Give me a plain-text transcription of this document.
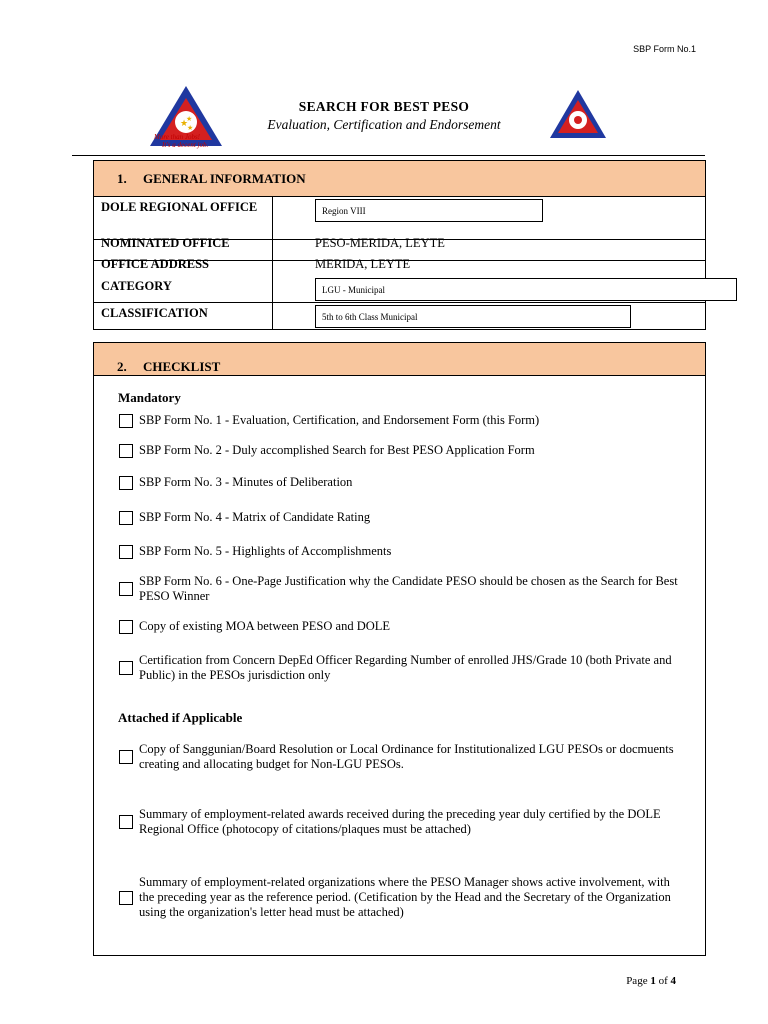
SBP Form No.1
★
★
★
More than Jobs!
It's a decent job.
SEARCH FOR BEST PESO
Evaluation, Certification and Endorsement
1.     GENERAL INFORMATION
DOLE REGIONAL OFFICE	Region VIII
NOMINATED OFFICE	PESO-MERIDA, LEYTE
OFFICE ADDRESS	MERIDA, LEYTE
CATEGORY	LGU - Municipal
CLASSIFICATION	5th to 6th Class Municipal
2.     CHECKLIST
Mandatory
SBP Form No. 1 - Evaluation, Certification, and Endorsement Form (this Form)
SBP Form No. 2 - Duly accomplished Search for Best PESO Application Form
SBP Form No. 3 - Minutes of Deliberation
SBP Form No. 4 - Matrix of Candidate Rating
SBP Form No. 5 - Highlights of Accomplishments
SBP Form No. 6 - One-Page Justification why the Candidate PESO should be chosen as the Search for Best PESO Winner
Copy of existing MOA between PESO and DOLE
Certification from Concern DepEd Officer Regarding Number of enrolled JHS/Grade 10 (both Private and Public) in the PESOs jurisdiction only
Attached if Applicable
Copy of Sanggunian/Board Resolution or Local Ordinance for Institutionalized LGU PESOs or docmuents creating and allocating budget for Non-LGU PESOs.
Summary of employment-related awards received during the preceding year duly certified by the DOLE Regional Office (photocopy of citations/plaques must be attached)
Summary of employment-related organizations where the PESO Manager shows active involvement, with the preceding year as the reference period. (Cetification by the Head and the Secretary of the Organization using the organization's letter head must be attached)
Page 1 of 4
